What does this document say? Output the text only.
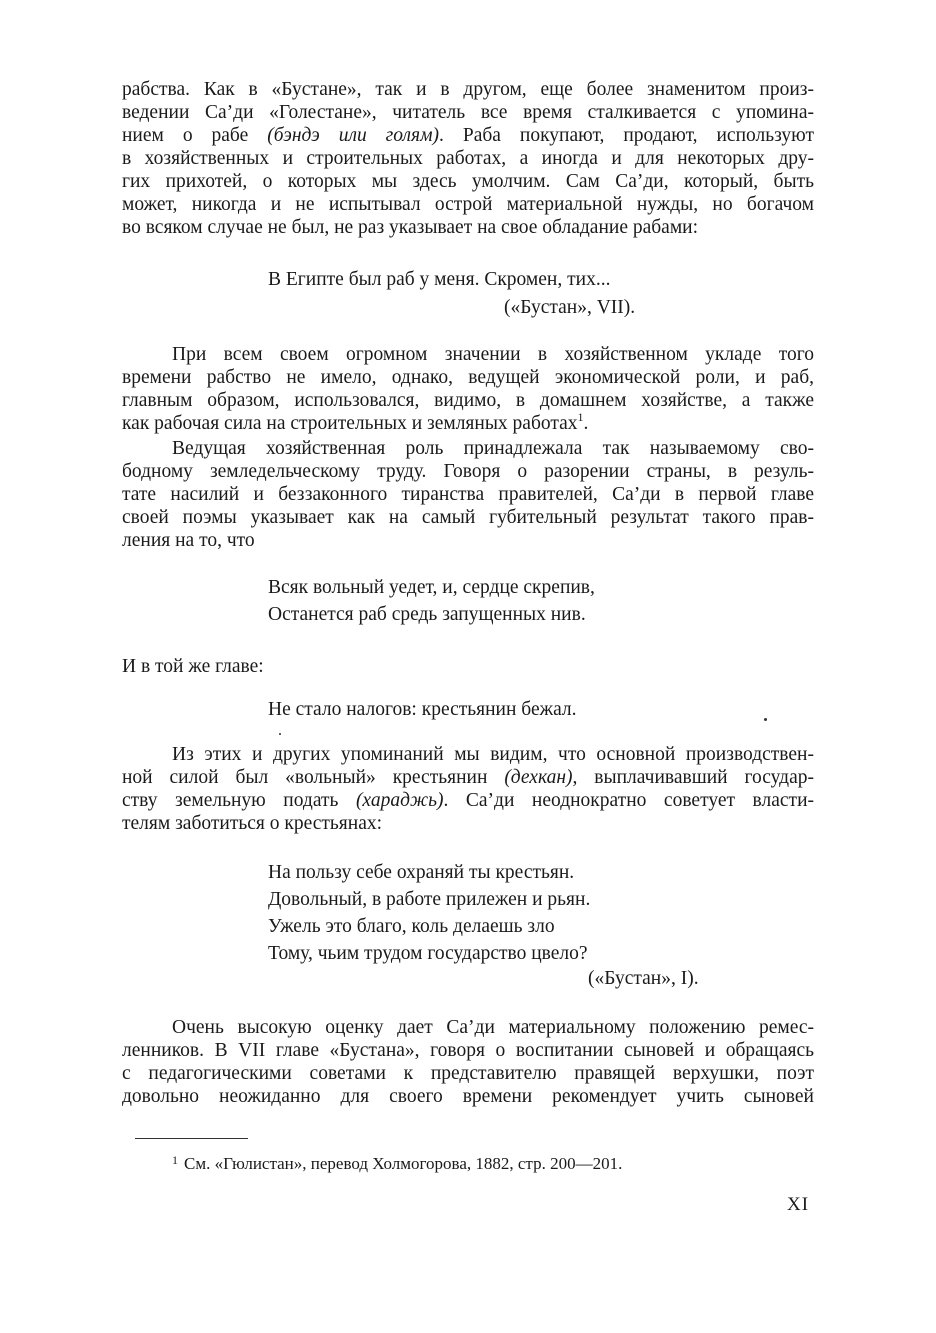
рабства. Как в «Бустане», так и в другом, еще более знаменитом произ-
ведении Са’ди «Голестане», читатель все время сталкивается с упомина-
нием о рабе (бэндэ или голям). Раба покупают, продают, используют
в хозяйственных и строительных работах, а иногда и для некоторых дру-
гих прихотей, о которых мы здесь умолчим. Сам Са’ди, который, быть
может, никогда и не испытывал острой материальной нужды, но богачом
во всяком случае не был, не раз указывает на свое обладание рабами:
В Египте был раб у меня. Скромен, тих...
(«Бустан», VII).
При всем своем огромном значении в хозяйственном укладе того
времени рабство не имело, однако, ведущей экономической роли, и раб,
главным образом, использовался, видимо, в домашнем хозяйстве, а также
как рабочая сила на строительных и земляных работах$^1$.
Ведущая хозяйственная роль принадлежала так называемому сво-
бодному земледельческому труду. Говоря о разорении страны, в резуль-
тате насилий и беззаконного тиранства правителей, Са’ди в первой главе
своей поэмы указывает как на самый губительный результат такого прав-
ления на то, что
Всяк вольный уедет, и, сердце скрепив,
Останется раб средь запущенных нив.
И в той же главе:
Не стало налогов: крестьянин бежал.
Из этих и других упоминаний мы видим, что основной производствен-
ной силой был «вольный» крестьянин (дехкан), выплачивавший государ-
ству земельную подать (хараджь). Са’ди неоднократно советует власти-
телям заботиться о крестьянах:
На пользу себе охраняй ты крестьян.
Довольный, в работе прилежен и рьян.
Ужель это благо, коль делаешь зло
Тому, чьим трудом государство цвело?
(«Бустан», I).
Очень высокую оценку дает Са’ди материальному положению ремес-
ленников. В VII главе «Бустана», говоря о воспитании сыновей и обращаясь
с педагогическими советами к представителю правящей верхушки, поэт
довольно неожиданно для своего времени рекомендует учить сыновей
$^1$ См. «Гюлистан», перевод Холмогорова, 1882, стр. 200—201.
XI
